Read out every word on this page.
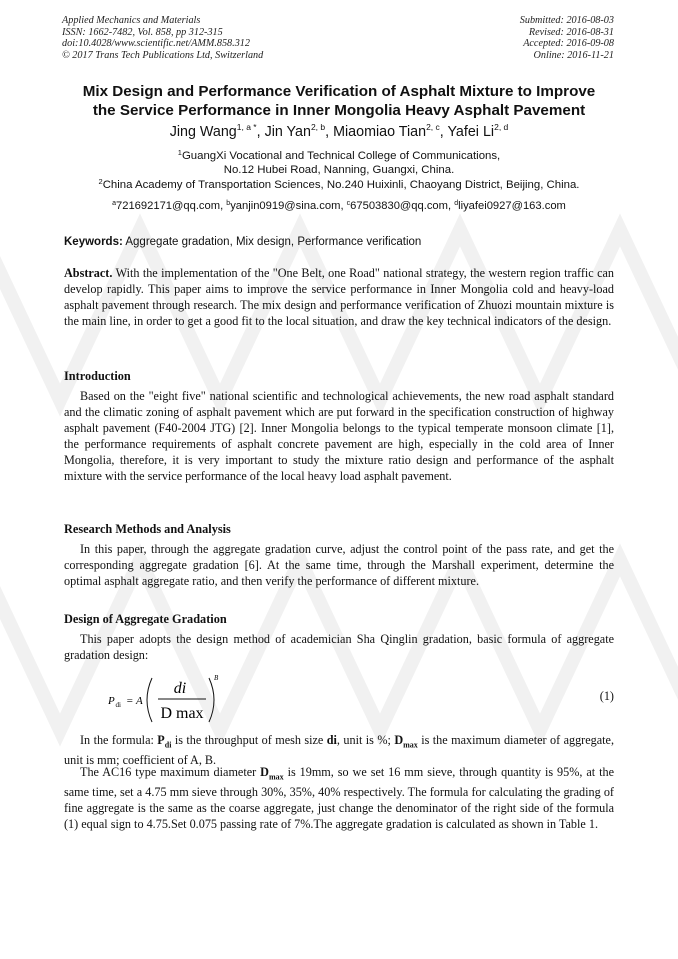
Applied Mechanics and Materials
ISSN: 1662-7482, Vol. 858, pp 312-315
doi:10.4028/www.scientific.net/AMM.858.312
© 2017 Trans Tech Publications Ltd, Switzerland
Submitted: 2016-08-03
Revised: 2016-08-31
Accepted: 2016-09-08
Online: 2016-11-21
Mix Design and Performance Verification of Asphalt Mixture to Improve
the Service Performance in Inner Mongolia Heavy Asphalt Pavement
Jing Wang$^{1, a *}$, Jin Yan$^{2, b}$, Miaomiao Tian$^{2, c}$, Yafei Li$^{2, d}$
$^1$GuangXi Vocational and Technical College of Communications,
No.12 Hubei Road, Nanning, Guangxi, China.
$^2$China Academy of Transportation Sciences, No.240 Huixinli, Chaoyang District, Beijing, China.
$^a$721692171@qq.com, $^b$yanjin0919@sina.com, $^c$67503830@qq.com, $^d$liyafei0927@163.com
Keywords: Aggregate gradation, Mix design, Performance verification
Abstract. With the implementation of the "One Belt, one Road" national strategy, the western region traffic can develop rapidly. This paper aims to improve the service performance in Inner Mongolia cold and heavy-load asphalt pavement through research. The mix design and performance verification of Zhuozi mountain mixture is the main line, in order to get a good fit to the local situation, and draw the key technical indicators of the design.
Introduction
Based on the "eight five" national scientific and technological achievements, the new road asphalt standard and the climatic zoning of asphalt pavement which are put forward in the specification construction of highway asphalt pavement (F40-2004 JTG) [2]. Inner Mongolia belongs to the typical temperate monsoon climate [1], the performance requirements of asphalt concrete pavement are high, especially in the cold area of Inner Mongolia, therefore, it is very important to study the mixture ratio design and performance of the asphalt mixture with the service performance of the local heavy load asphalt pavement.
Research Methods and Analysis
In this paper, through the aggregate gradation curve, adjust the control point of the pass rate, and get the corresponding aggregate gradation [6]. At the same time, through the Marshall experiment, determine the optimal asphalt aggregate ratio, and then verify the performance of different mixture.
Design of Aggregate Gradation
This paper adopts the design method of academician Sha Qinglin gradation, basic formula of aggregate gradation design:
P di = A
di
D max
B
(1)
In the formula: $P_{di}$ is the throughput of mesh size di, unit is %; $D_{max}$ is the maximum diameter of aggregate, unit is mm; coefficient of A, B.
The AC16 type maximum diameter $D_{max}$ is 19mm, so we set 16 mm sieve, through quantity is 95%, at the same time, set a 4.75 mm sieve through 30%, 35%, 40% respectively. The formula for calculating the grading of fine aggregate is the same as the coarse aggregate, just change the denominator of the right side of the formula (1) equal sign to 4.75.Set 0.075 passing rate of 7%.The aggregate gradation is calculated as shown in Table 1.
